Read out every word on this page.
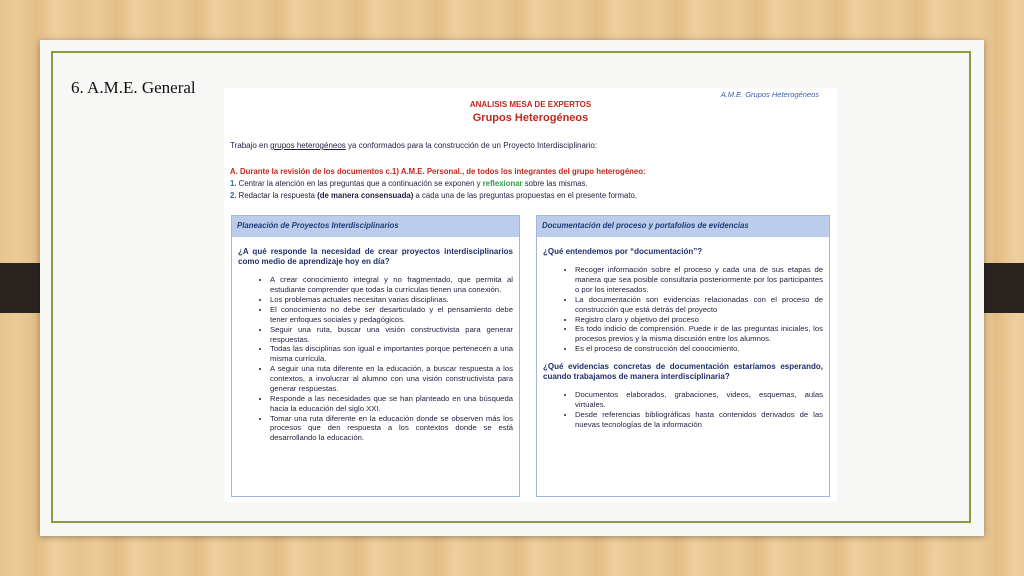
6. A.M.E. General	A.M.E. Grupos Heterogéneos
ANALISIS MESA DE EXPERTOS
Grupos Heterogéneos
Trabajo en grupos heterogéneos ya conformados para la construcción de un Proyecto Interdisciplinario:
A. Durante la revisión de los documentos c.1) A.M.E. Personal., de todos los integrantes del grupo heterogéneo:
1. Centrar la atención en las preguntas que a continuación se exponen y reflexionar sobre las mismas.
2. Redactar la respuesta (de manera consensuada) a cada una de las preguntas propuestas en el presente formato.
Planeación de Proyectos Interdisciplinarios
¿A qué responde la necesidad de crear proyectos interdisciplinarios como medio de aprendizaje hoy en día?
• A crear conocimiento integral y no fragmentado, que permita al estudiante comprender que todas la currículas tienen una conexión.
• Los problemas actuales necesitan varias disciplinas.
• El conocimiento no debe ser desarticulado y el pensamiento debe tener enfoques sociales y pedagógicos.
• Seguir una ruta, buscar una visión constructivista para generar respuestas.
• Todas las disciplinas son igual e importantes porque pertenecen a una misma currícula.
• A seguir una ruta diferente en la educación, a buscar respuesta a los contextos, a involucrar al alumno con una visión constructivista para generar respuestas.
• Responde a las necesidades que se han planteado en una búsqueda hacia la educación del siglo XXI.
• Tomar una ruta diferente en la educación donde se observen más los procesos que den respuesta a los contextos donde se está desarrollando la educación.
Documentación del proceso y portafolios de evidencias
¿Qué entendemos por “documentación”?
• Recoger información sobre el proceso y cada una de sus etapas de manera que sea posible consultaria posteriormente por los participantes o por los interesados.
• La documentación son evidencias relacionadas con el proceso de construcción que está detrás del proyecto
• Registro claro y objetivo del proceso
• Es todo indicio de comprensión. Puede ir de las preguntas iniciales, los procesos previos y la misma discusión entre los alumnos.
• Es el proceso de construcción del conocimiento.
¿Qué evidencias concretas de documentación estaríamos esperando, cuando trabajamos de manera interdisciplinaria?
• Documentos elaborados, grabaciones, videos, esquemas, aulas virtuales.
• Desde referencias bibliográficas hasta contenidos derivados de las nuevas tecnologías de la información
